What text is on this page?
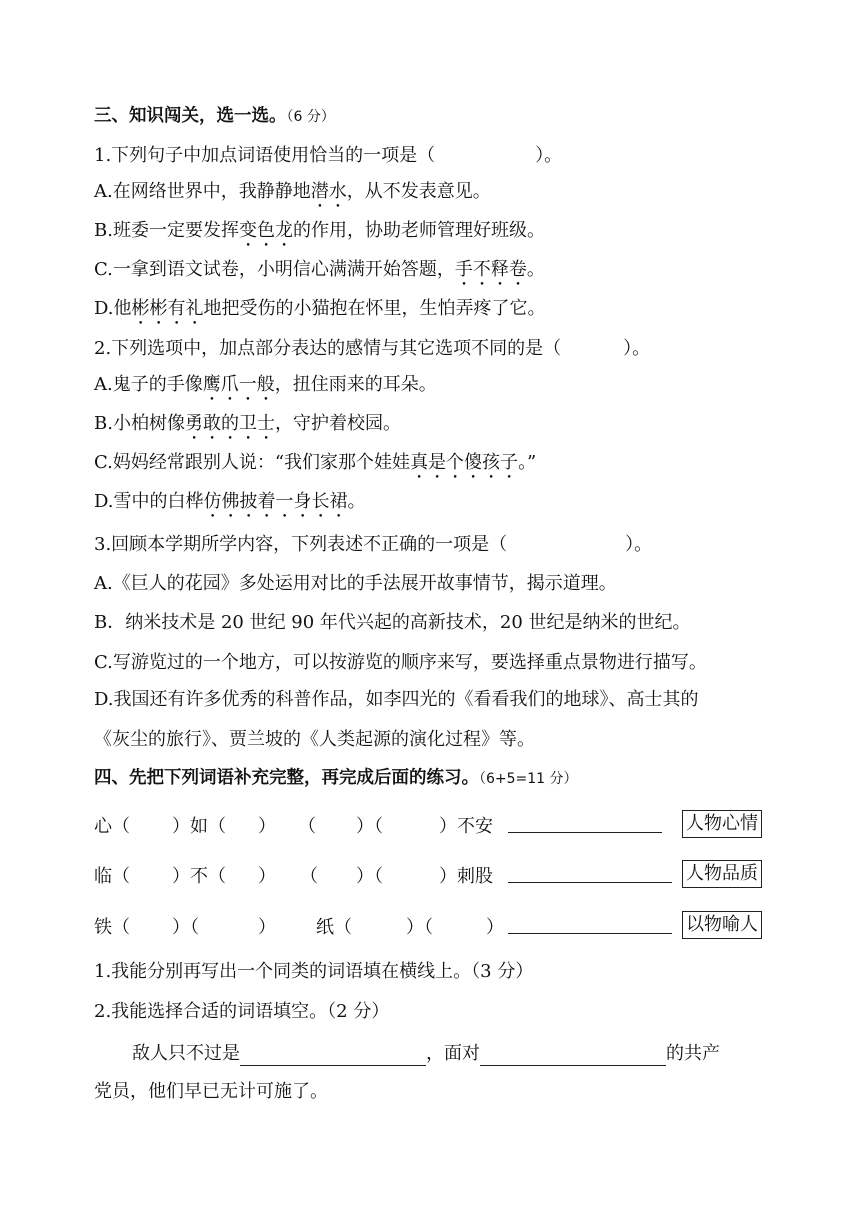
三、知识闯关，选一选。（6 分）
1.下列句子中加点词语使用恰当的一项是（	）。
A.在网络世界中，我静静地潜水，从不发表意见。
B.班委一定要发挥变色龙的作用，协助老师管理好班级。
C.一拿到语文试卷，小明信心满满开始答题，手不释卷。
D.他彬彬有礼地把受伤的小猫抱在怀里，生怕弄疼了它。
2.下列选项中，加点部分表达的感情与其它选项不同的是（	）。
A.鬼子的手像鹰爪一般，扭住雨来的耳朵。
B.小柏树像勇敢的卫士，守护着校园。
C.妈妈经常跟别人说：“我们家那个娃娃真是个傻孩子。”
D.雪中的白桦仿佛披着一身长裙。
3.回顾本学期所学内容，下列表述不正确的一项是（	）。
A.《巨人的花园》多处运用对比的手法展开故事情节，揭示道理。
B．纳米技术是 20 世纪 90 年代兴起的高新技术，20 世纪是纳米的世纪。
C.写游览过的一个地方，可以按游览的顺序来写，要选择重点景物进行描写。
D.我国还有许多优秀的科普作品，如李四光的《看看我们的地球》、高士其的
《灰尘的旅行》、贾兰坡的《人类起源的演化过程》等。
四、先把下列词语补充完整，再完成后面的练习。（6+5=11 分）
心（ ）如（ ） （ ）（	）不安	人物心情
临（ ）不（ ） （ ）（	）刺股	人物品质
铁（ ）（	） 纸（	）（	）	以物喻人
1.我能分别再写出一个同类的词语填在横线上。（3 分）
2.我能选择合适的词语填空。（2 分）
敌人只不过是	，面对	的共产
党员，他们早已无计可施了。
